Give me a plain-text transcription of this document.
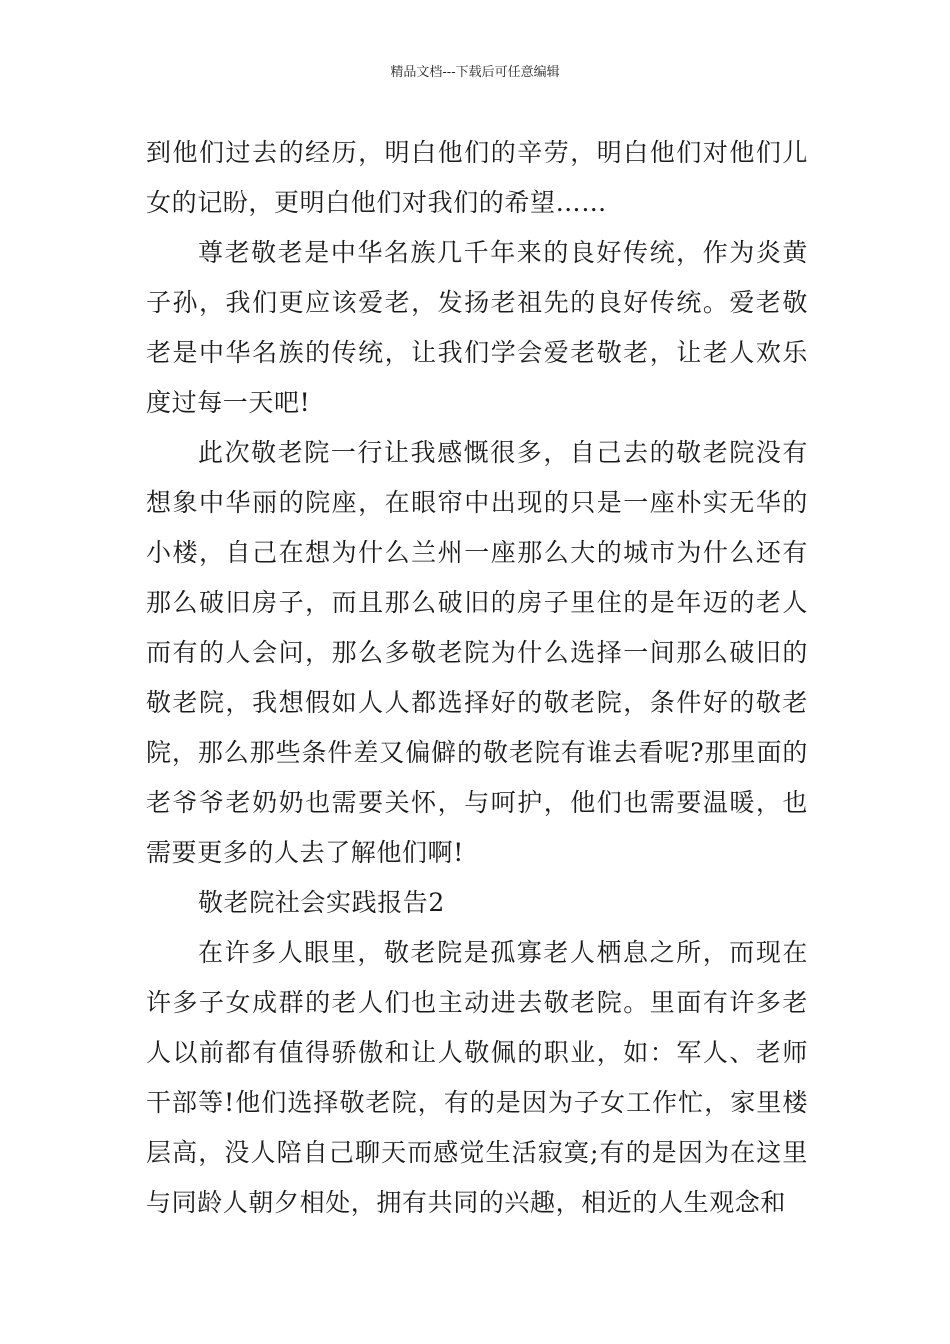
精品文档---下载后可任意编辑

到他们过去的经历，明白他们的辛劳，明白他们对他们儿女的记盼，更明白他们对我们的希望……

尊老敬老是中华名族几千年来的良好传统，作为炎黄子孙，我们更应该爱老，发扬老祖先的良好传统。爱老敬老是中华名族的传统，让我们学会爱老敬老，让老人欢乐度过每一天吧!

此次敬老院一行让我感慨很多，自己去的敬老院没有想象中华丽的院座，在眼帘中出现的只是一座朴实无华的小楼，自己在想为什么兰州一座那么大的城市为什么还有那么破旧房子，而且那么破旧的房子里住的是年迈的老人而有的人会问，那么多敬老院为什么选择一间那么破旧的敬老院，我想假如人人都选择好的敬老院，条件好的敬老院，那么那些条件差又偏僻的敬老院有谁去看呢?那里面的老爷爷老奶奶也需要关怀，与呵护，他们也需要温暖，也需要更多的人去了解他们啊!

敬老院社会实践报告2

在许多人眼里，敬老院是孤寡老人栖息之所，而现在许多子女成群的老人们也主动进去敬老院。里面有许多老人以前都有值得骄傲和让人敬佩的职业，如：军人、老师干部等!他们选择敬老院，有的是因为子女工作忙，家里楼层高，没人陪自己聊天而感觉生活寂寞;有的是因为在这里与同龄人朝夕相处，拥有共同的兴趣，相近的人生观念和
